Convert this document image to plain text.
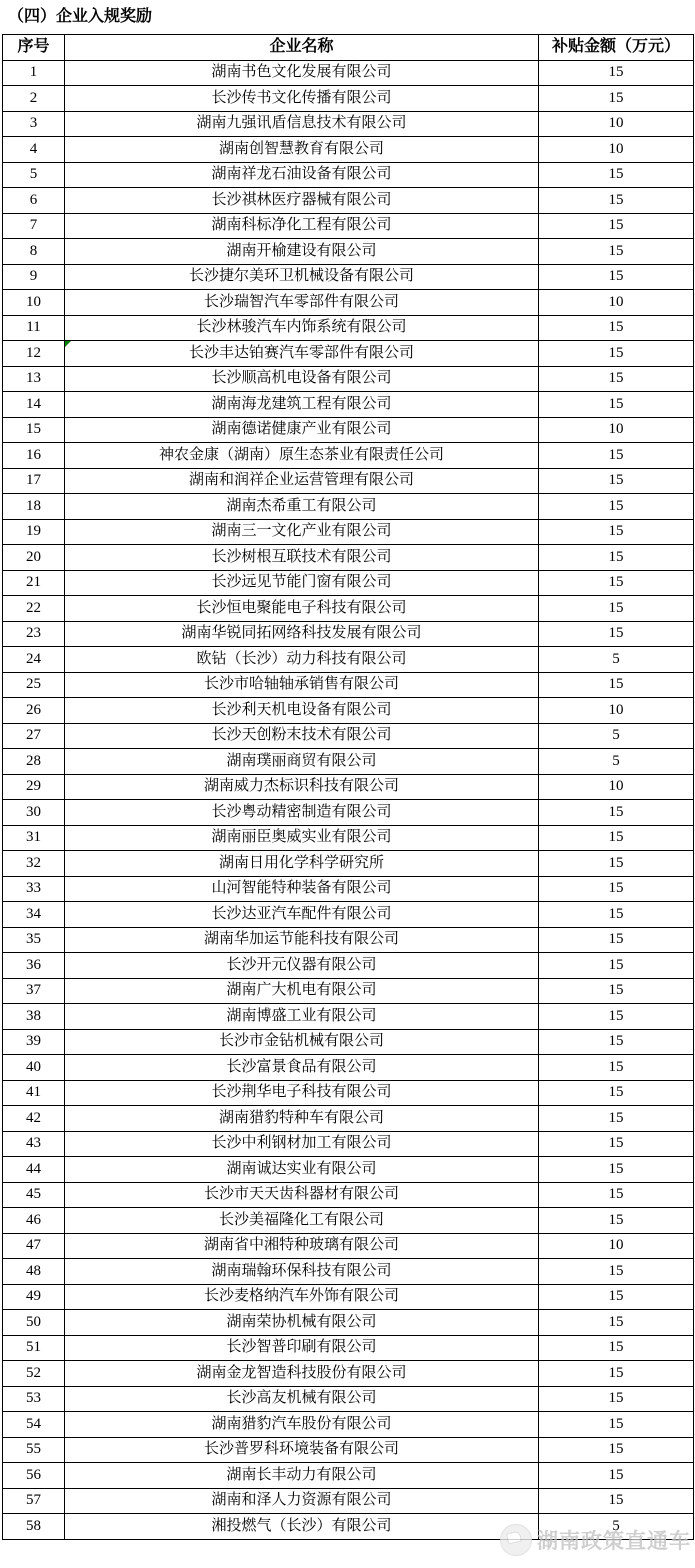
（四）企业入规奖励
序号	企业名称	补贴金额（万元）
1	湖南书色文化发展有限公司	15
2	长沙传书文化传播有限公司	15
3	湖南九强讯盾信息技术有限公司	10
4	湖南创智慧教育有限公司	10
5	湖南祥龙石油设备有限公司	15
6	长沙祺林医疗器械有限公司	15
7	湖南科标净化工程有限公司	15
8	湖南开榆建设有限公司	15
9	长沙捷尔美环卫机械设备有限公司	15
10	长沙瑞智汽车零部件有限公司	10
11	长沙林骏汽车内饰系统有限公司	15
12	长沙丰达铂赛汽车零部件有限公司	15
13	长沙顺高机电设备有限公司	15
14	湖南海龙建筑工程有限公司	15
15	湖南德诺健康产业有限公司	10
16	神农金康（湖南）原生态茶业有限责任公司	15
17	湖南和润祥企业运营管理有限公司	15
18	湖南杰希重工有限公司	15
19	湖南三一文化产业有限公司	15
20	长沙树根互联技术有限公司	15
21	长沙远见节能门窗有限公司	15
22	长沙恒电聚能电子科技有限公司	15
23	湖南华锐同拓网络科技发展有限公司	15
24	欧钻（长沙）动力科技有限公司	5
25	长沙市哈轴轴承销售有限公司	15
26	长沙利天机电设备有限公司	10
27	长沙天创粉末技术有限公司	5
28	湖南璞丽商贸有限公司	5
29	湖南威力杰标识科技有限公司	10
30	长沙粤动精密制造有限公司	15
31	湖南丽臣奥威实业有限公司	15
32	湖南日用化学科学研究所	15
33	山河智能特种装备有限公司	15
34	长沙达亚汽车配件有限公司	15
35	湖南华加运节能科技有限公司	15
36	长沙开元仪器有限公司	15
37	湖南广大机电有限公司	15
38	湖南博盛工业有限公司	15
39	长沙市金钻机械有限公司	15
40	长沙富景食品有限公司	15
41	长沙荆华电子科技有限公司	15
42	湖南猎豹特种车有限公司	15
43	长沙中利钢材加工有限公司	15
44	湖南诚达实业有限公司	15
45	长沙市天天齿科器材有限公司	15
46	长沙美福隆化工有限公司	15
47	湖南省中湘特种玻璃有限公司	10
48	湖南瑞翰环保科技有限公司	15
49	长沙麦格纳汽车外饰有限公司	15
50	湖南荣协机械有限公司	15
51	长沙智普印刷有限公司	15
52	湖南金龙智造科技股份有限公司	15
53	长沙高友机械有限公司	15
54	湖南猎豹汽车股份有限公司	15
55	长沙普罗科环境装备有限公司	15
56	湖南长丰动力有限公司	15
57	湖南和泽人力资源有限公司	15
58	湘投燃气（长沙）有限公司	5
湖南政策直通车
